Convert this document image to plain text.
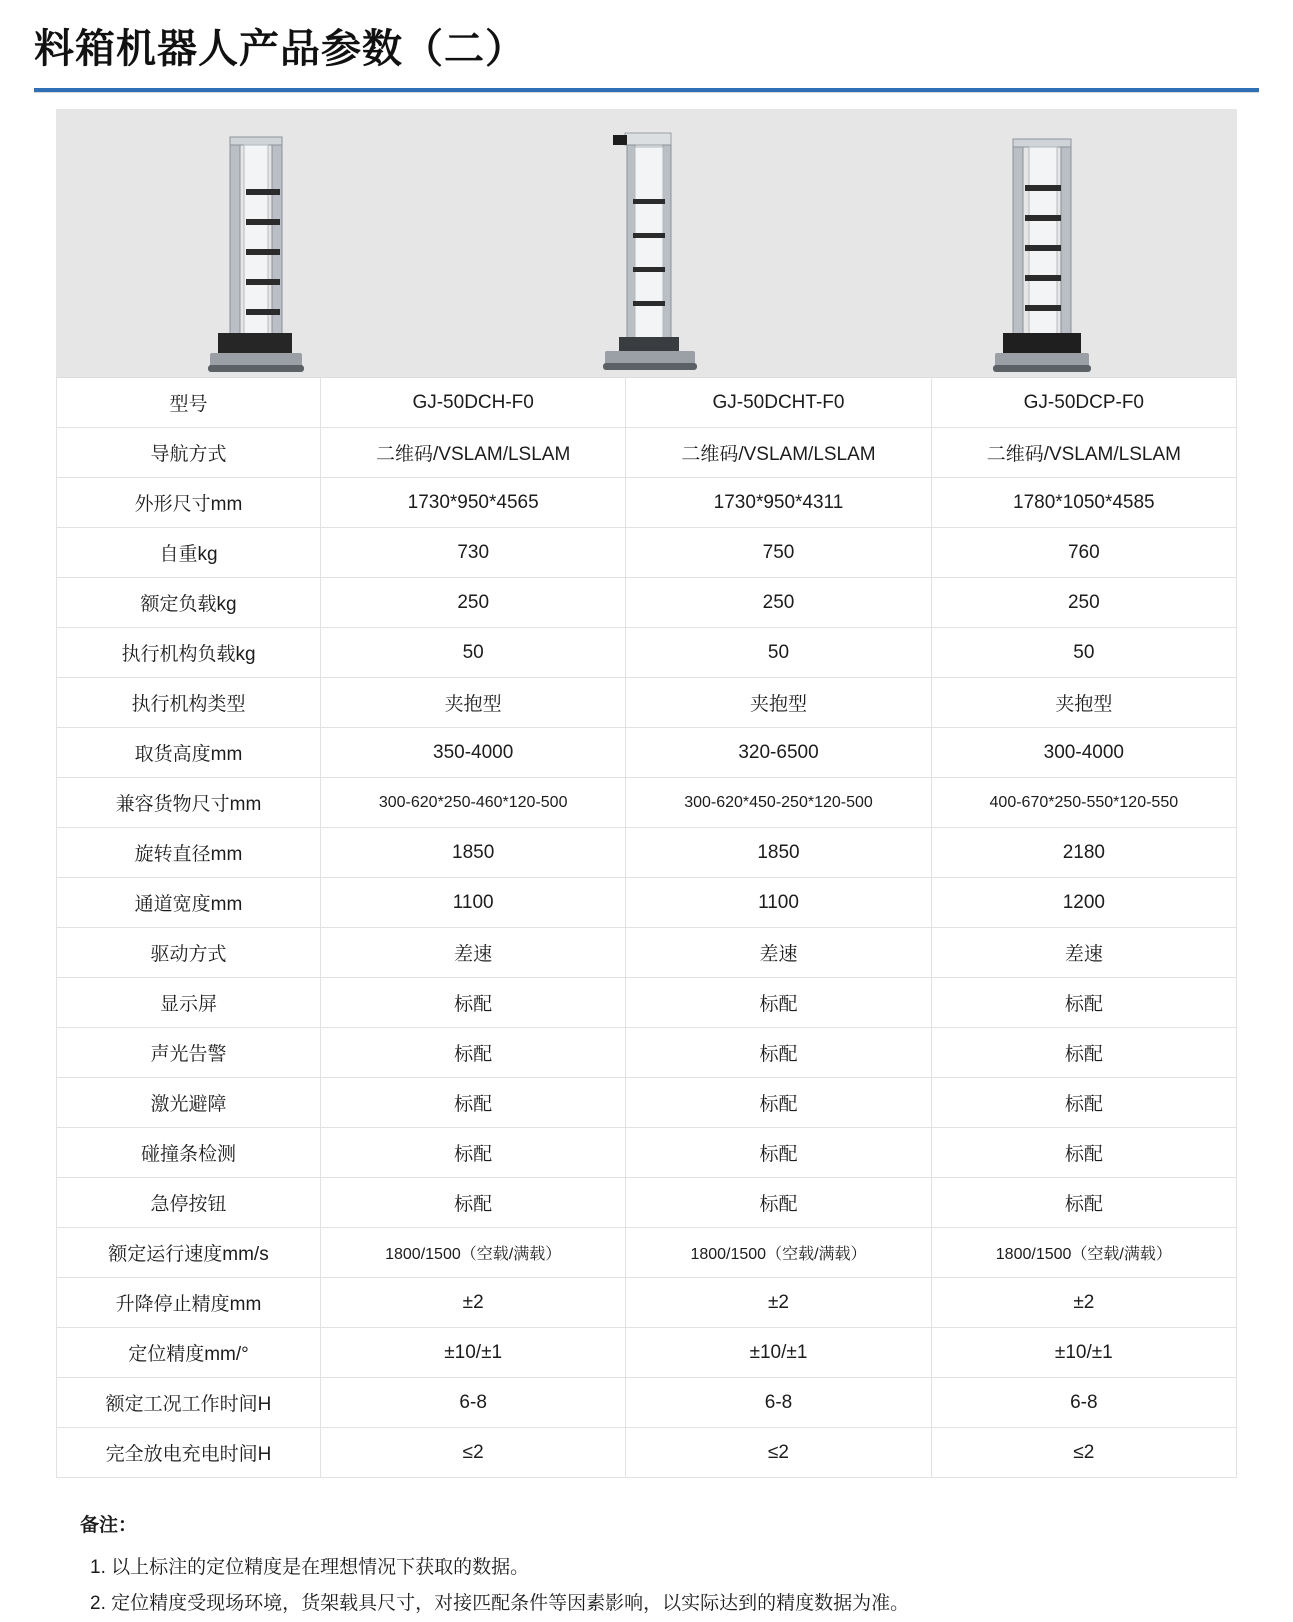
料箱机器人产品参数（二）
型号	GJ-50DCH-F0	GJ-50DCHT-F0	GJ-50DCP-F0
导航方式	二维码/VSLAM/LSLAM	二维码/VSLAM/LSLAM	二维码/VSLAM/LSLAM
外形尺寸mm	1730*950*4565	1730*950*4311	1780*1050*4585
自重kg	730	750	760
额定负载kg	250	250	250
执行机构负载kg	50	50	50
执行机构类型	夹抱型	夹抱型	夹抱型
取货高度mm	350-4000	320-6500	300-4000
兼容货物尺寸mm	300-620*250-460*120-500	300-620*450-250*120-500	400-670*250-550*120-550
旋转直径mm	1850	1850	2180
通道宽度mm	1100	1100	1200
驱动方式	差速	差速	差速
显示屏	标配	标配	标配
声光告警	标配	标配	标配
激光避障	标配	标配	标配
碰撞条检测	标配	标配	标配
急停按钮	标配	标配	标配
额定运行速度mm/s	1800/1500（空载/满载）	1800/1500（空载/满载）	1800/1500（空载/满载）
升降停止精度mm	±2	±2	±2
定位精度mm/°	±10/±1	±10/±1	±10/±1
额定工况工作时间H	6-8	6-8	6-8
完全放电充电时间H	≤2	≤2	≤2
备注：
1. 以上标注的定位精度是在理想情况下获取的数据。
2. 定位精度受现场环境，货架载具尺寸，对接匹配条件等因素影响，以实际达到的精度数据为准。
